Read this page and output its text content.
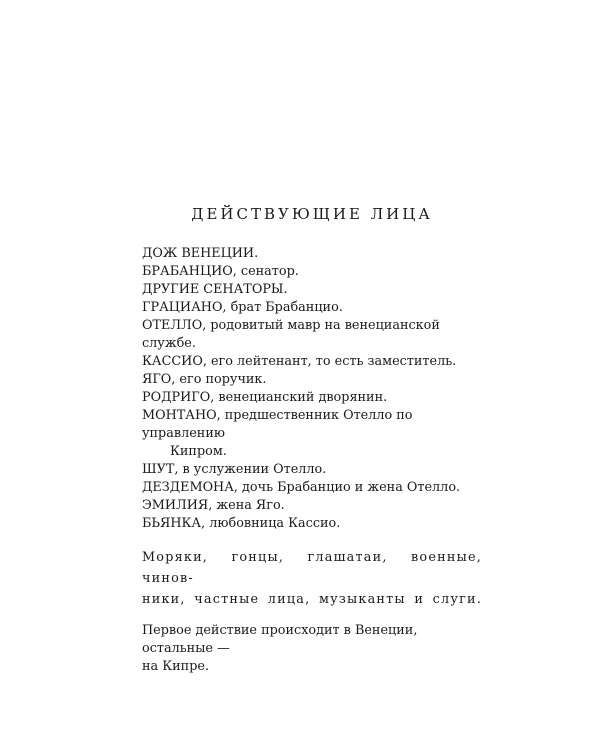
ДЕЙСТВУЮЩИЕ ЛИЦА
ДОЖ ВЕНЕЦИИ.
БРАБАНЦИО, сенатор.
ДРУГИЕ СЕНАТОРЫ.
ГРАЦИАНО, брат Брабанцио.
ОТЕЛЛО, родовитый мавр на венецианской службе.
КАССИО, его лейтенант, то есть заместитель.
ЯГО, его поручик.
РОДРИГО, венецианский дворянин.
МОНТАНО, предшественник Отелло по управлению
Кипром.
ШУТ, в услужении Отелло.
ДЕЗДЕМОНА, дочь Брабанцио и жена Отелло.
ЭМИЛИЯ, жена Яго.
БЬЯНКА, любовница Кассио.
Моряки, гонцы, глашатаи, военные, чинов-
ники, частные лица, музыканты и слуги.
Первое действие происходит в Венеции, остальные —
на Кипре.
